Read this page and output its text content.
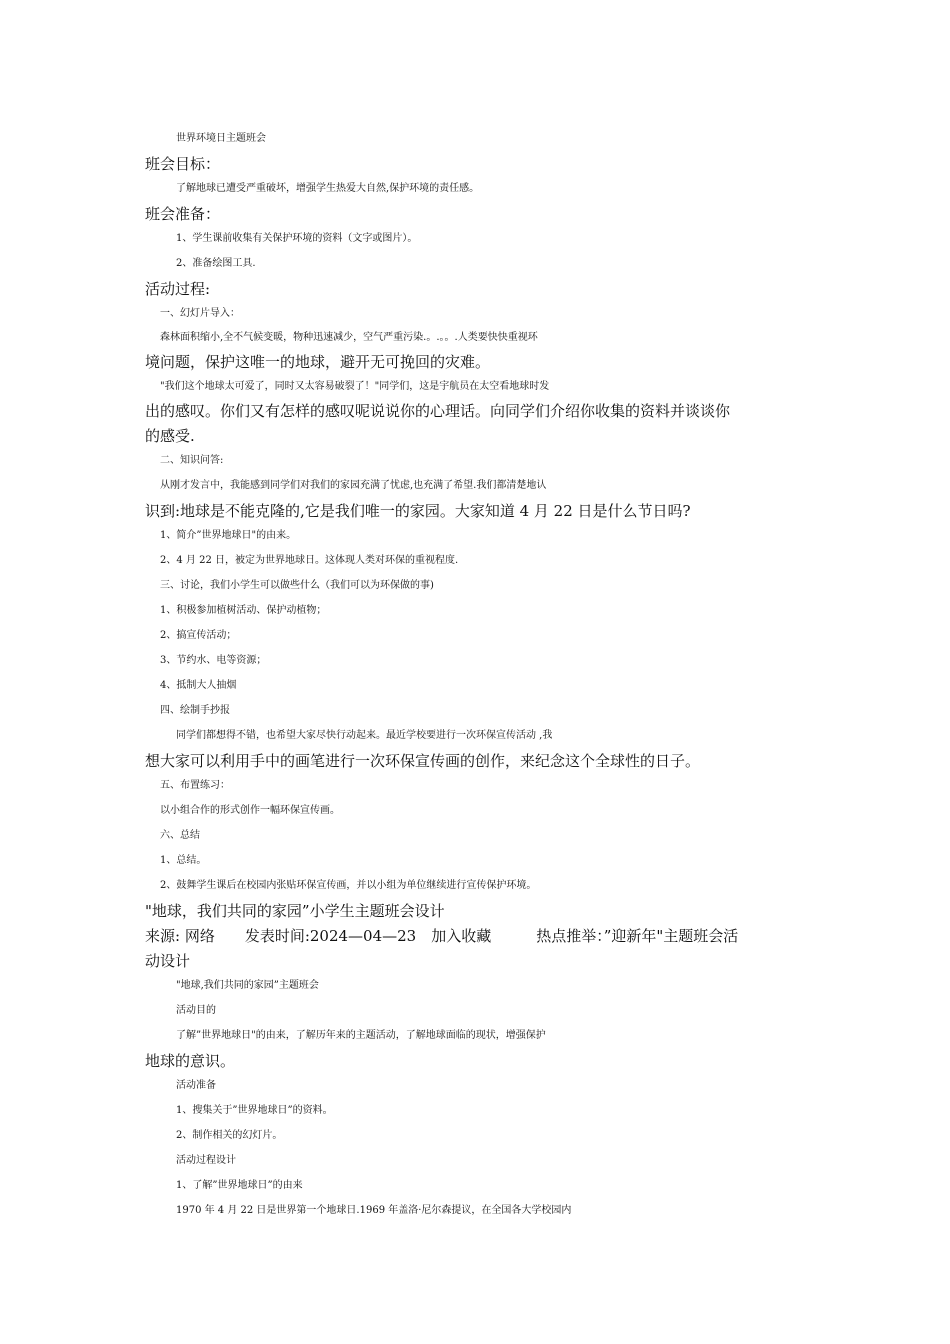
世界环境日主题班会
班会目标：
了解地球已遭受严重破坏，增强学生热爱大自然,保护环境的责任感。
班会准备：
1、学生课前收集有关保护环境的资料（文字或图片）。
2、准备绘图工具.
活动过程:
一、幻灯片导入：
森林面积缩小,全不气候变暖，物种迅速减少，空气严重污染.。.。。.人类要快快重视环
境问题，保护这唯一的地球，避开无可挽回的灾难。
"我们这个地球太可爱了，同时又太容易破裂了！"同学们，这是宇航员在太空看地球时发
出的感叹。你们又有怎样的感叹呢说说你的心理话。向同学们介绍你收集的资料并谈谈你
的感受.
二、知识问答:
从刚才发言中，我能感到同学们对我们的家园充满了忧虑,也充满了希望.我们都清楚地认
识到:地球是不能克隆的,它是我们唯一的家园。大家知道 4 月 22 日是什么节日吗?
1、简介”世界地球日"的由来。
2、4 月 22 日，被定为世界地球日。这体现人类对环保的重视程度.
三、讨论，我们小学生可以做些什么（我们可以为环保做的事)
1、积极参加植树活动、保护动植物；
2、搞宣传活动；
3、节约水、电等资源；
4、抵制大人抽烟
四、绘制手抄报
同学们都想得不错，也希望大家尽快行动起来。最近学校要进行一次环保宣传活动 ,我
想大家可以利用手中的画笔进行一次环保宣传画的创作，来纪念这个全球性的日子。
五、布置练习：
以小组合作的形式创作一幅环保宣传画。
六、总结
1、总结。
2、鼓舞学生课后在校园内张贴环保宣传画，并以小组为单位继续进行宣传保护环境。
"地球，我们共同的家园”小学生主题班会设计
来源: 网络　　发表时间:2024—04—23　加入收藏　　　热点推举：”迎新年"主题班会活
动设计
"地球,我们共同的家园”主题班会
活动目的
了解”世界地球日"的由来，了解历年来的主题活动，了解地球面临的现状，增强保护
地球的意识。
活动准备
1、搜集关于”世界地球日”的资料。
2、制作相关的幻灯片。
活动过程设计
1、了解”世界地球日”的由来
1970 年 4 月 22 日是世界第一个地球日.1969 年盖洛·尼尔森提议，在全国各大学校园内
